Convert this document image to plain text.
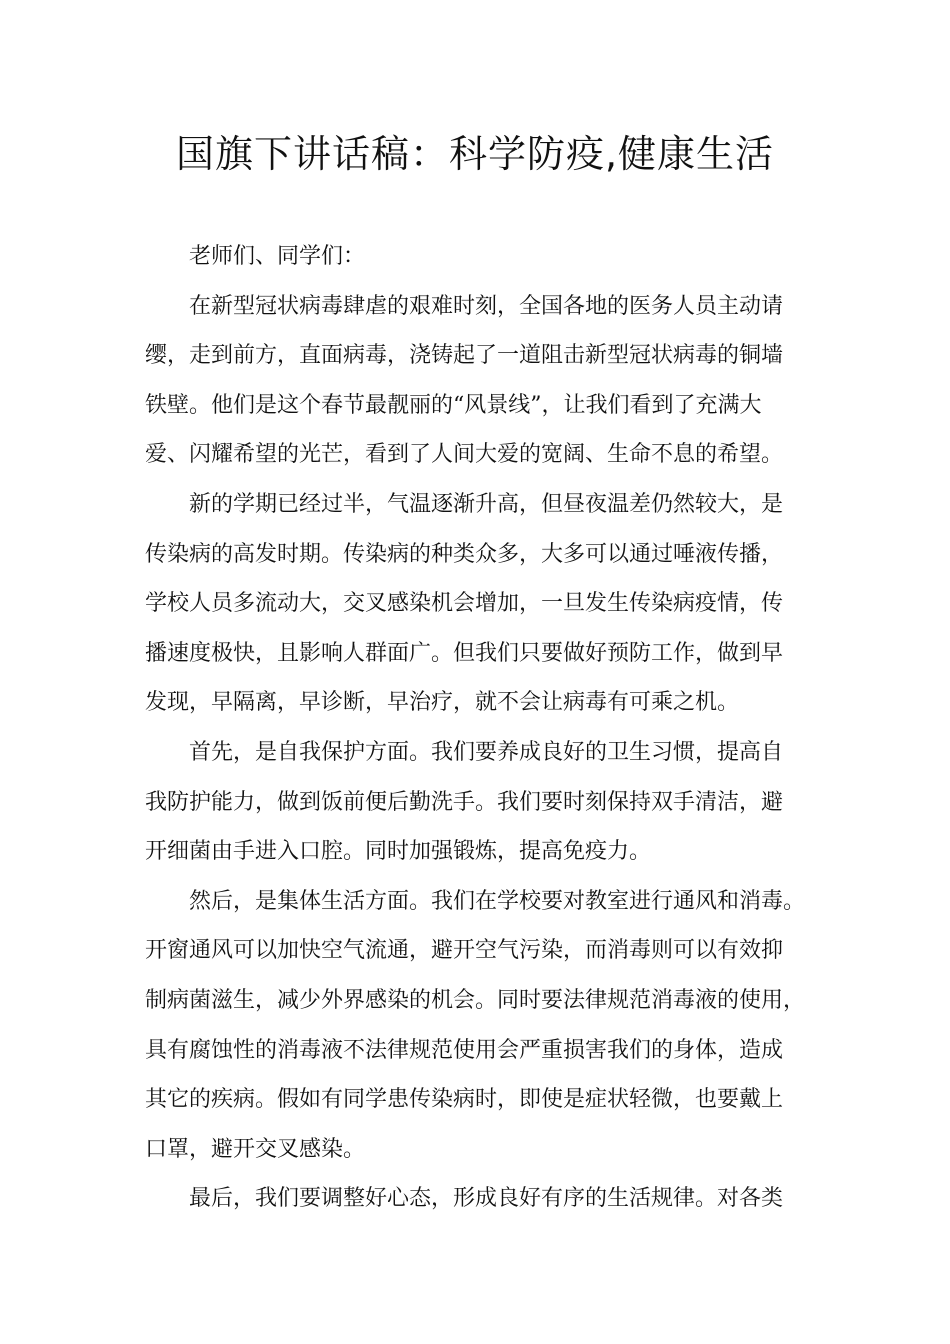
国旗下讲话稿：科学防疫,健康生活

老师们、同学们：

在新型冠状病毒肆虐的艰难时刻，全国各地的医务人员主动请
缨，走到前方，直面病毒，浇铸起了一道阻击新型冠状病毒的铜墙
铁壁。他们是这个春节最靓丽的“风景线”，让我们看到了充满大
爱、闪耀希望的光芒，看到了人间大爱的宽阔、生命不息的希望。

新的学期已经过半，气温逐渐升高，但昼夜温差仍然较大，是
传染病的高发时期。传染病的种类众多，大多可以通过唾液传播，
学校人员多流动大，交叉感染机会增加，一旦发生传染病疫情，传
播速度极快，且影响人群面广。但我们只要做好预防工作，做到早
发现，早隔离，早诊断，早治疗，就不会让病毒有可乘之机。

首先，是自我保护方面。我们要养成良好的卫生习惯，提高自
我防护能力，做到饭前便后勤洗手。我们要时刻保持双手清洁，避
开细菌由手进入口腔。同时加强锻炼，提高免疫力。

然后，是集体生活方面。我们在学校要对教室进行通风和消毒。
开窗通风可以加快空气流通，避开空气污染，而消毒则可以有效抑
制病菌滋生，减少外界感染的机会。同时要法律规范消毒液的使用，
具有腐蚀性的消毒液不法律规范使用会严重损害我们的身体，造成
其它的疾病。假如有同学患传染病时，即使是症状轻微，也要戴上
口罩，避开交叉感染。

最后，我们要调整好心态，形成良好有序的生活规律。对各类
